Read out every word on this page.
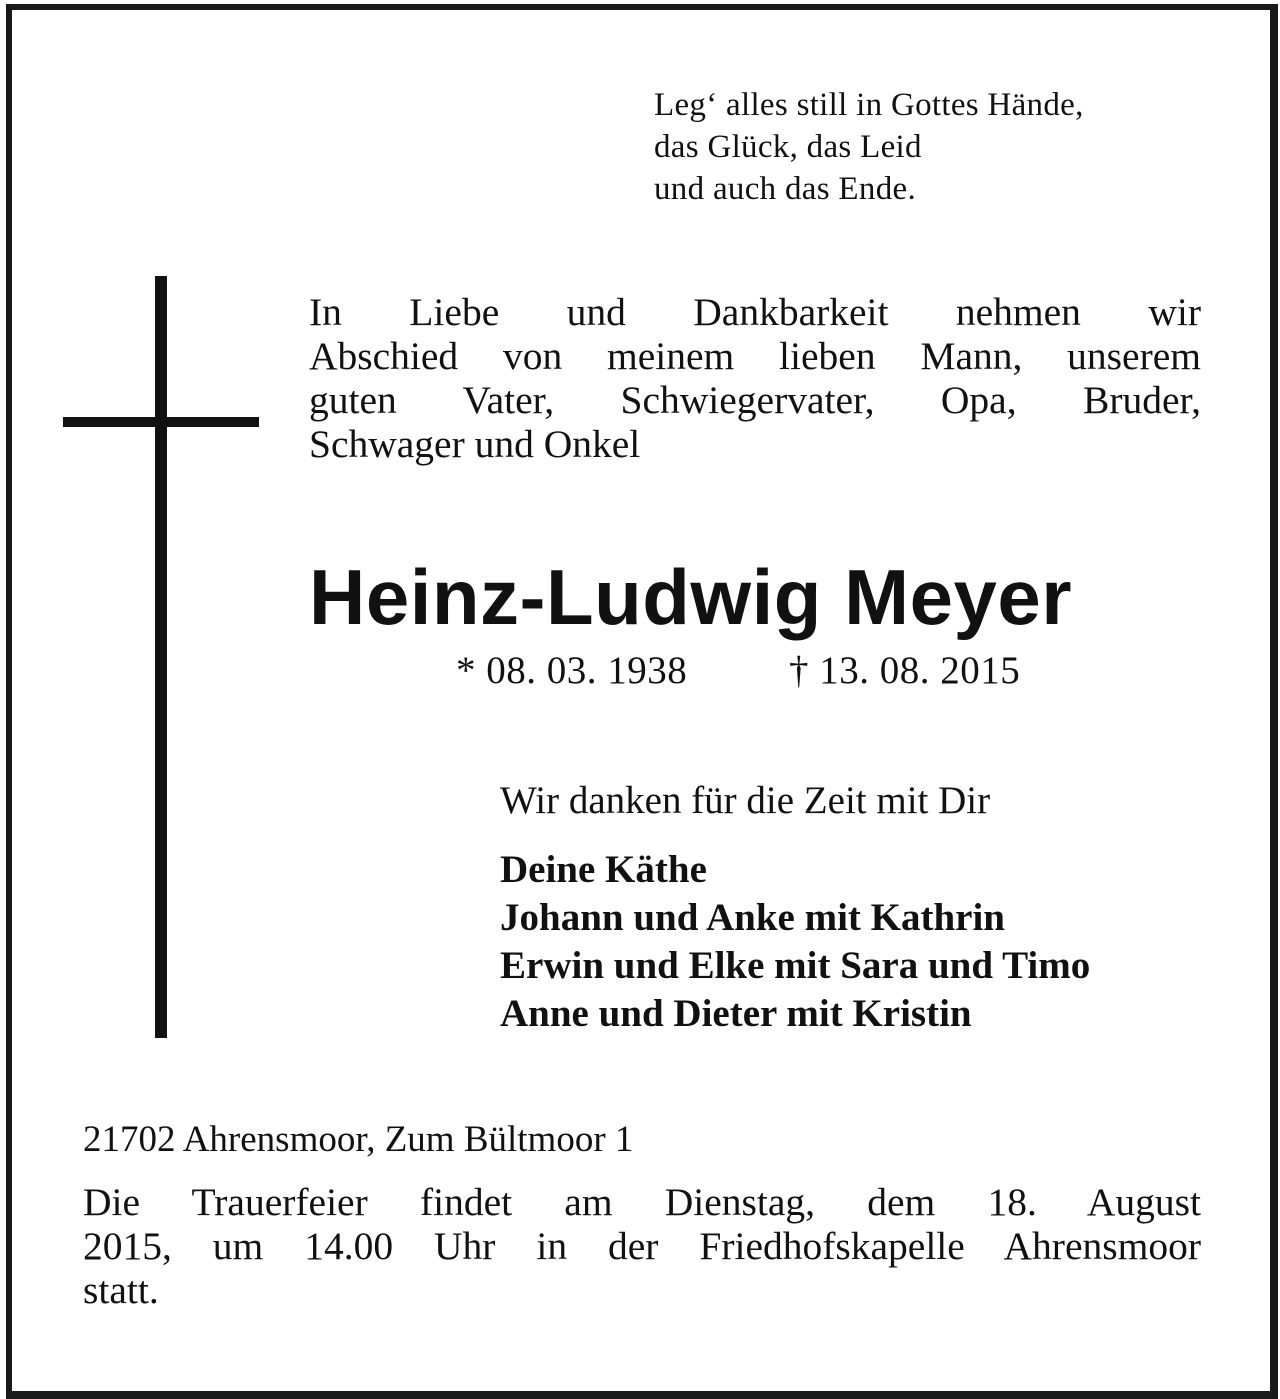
Leg‘ alles still in Gottes Hände,
das Glück, das Leid
und auch das Ende.
In Liebe und Dankbarkeit nehmen wir
Abschied von meinem lieben Mann, unserem
guten Vater, Schwiegervater, Opa, Bruder,
Schwager und Onkel
Heinz-Ludwig Meyer
* 08. 03. 1938	† 13. 08. 2015
Wir danken für die Zeit mit Dir
Deine Käthe
Johann und Anke mit Kathrin
Erwin und Elke mit Sara und Timo
Anne und Dieter mit Kristin
21702 Ahrensmoor, Zum Bültmoor 1
Die Trauerfeier findet am Dienstag, dem 18. August
2015, um 14.00 Uhr in der Friedhofskapelle Ahrensmoor
statt.
